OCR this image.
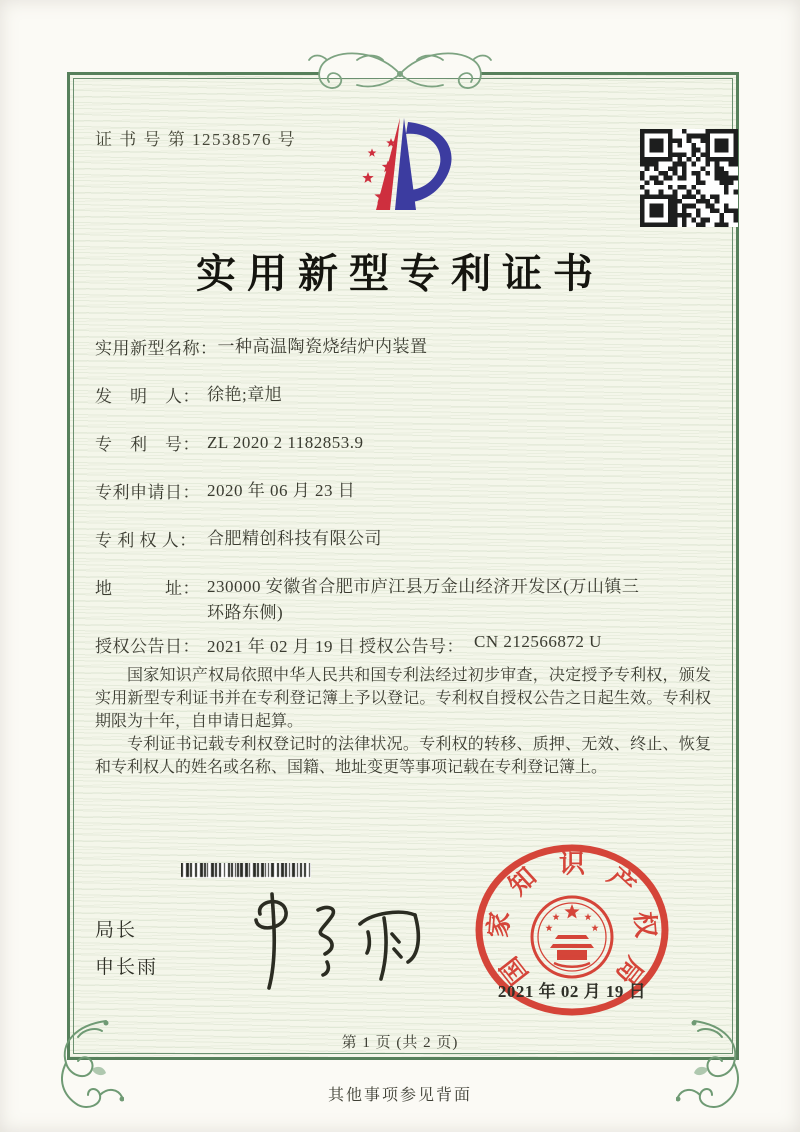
证 书 号 第 12538576 号
实用新型专利证书
实用新型名称： 一种高温陶瓷烧结炉内装置
发　明　人： 徐艳;章旭
专　利　号： ZL 2020 2 1182853.9
专利申请日： 2020 年 06 月 23 日
专 利 权 人： 合肥精创科技有限公司
地　　　址： 230000 安徽省合肥市庐江县万金山经济开发区(万山镇三环路东侧)
授权公告日： 2021 年 02 月 19 日 授权公告号： CN 212566872 U

国家知识产权局依照中华人民共和国专利法经过初步审查，决定授予专利权，颁发实用新型专利证书并在专利登记簿上予以登记。专利权自授权公告之日起生效。专利权期限为十年，自申请日起算。

专利证书记载专利权登记时的法律状况。专利权的转移、质押、无效、终止、恢复和专利权人的姓名或名称、国籍、地址变更等事项记载在专利登记簿上。

局长
申长雨	国
家
知 识 产
权
局
2021 年 02 月 19 日
第 1 页 (共 2 页)
其他事项参见背面
